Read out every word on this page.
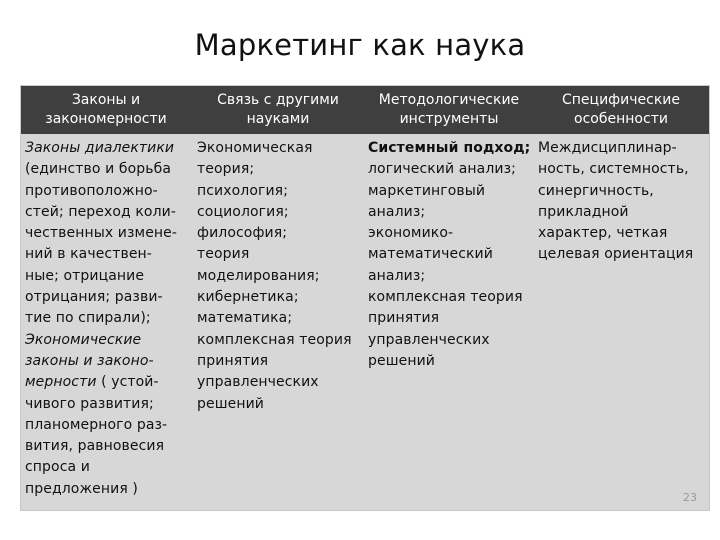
Маркетинг как наука
Законы и
закономерности
Связь с другими
науками
Методологические
инструменты
Специфические
особенности
Законы диалектики
(единство и борьба
противоположно-
стей; переход коли-
чественных измене-
ний в качествен-
ные; отрицание
отрицания; разви-
тие по спирали);
Экономические
законы и законо-
мерности ( устой-
чивого развития;
планомерного раз-
вития, равновесия
спроса и
предложения )
Экономическая
теория;
психология;
социология;
философия;
теория
моделирования;
кибернетика;
математика;
комплексная теория
принятия
управленческих
решений
Системный подход;
логический анализ;
маркетинговый
анализ;
экономико-
математический
анализ;
комплексная теория
принятия
управленческих
решений
Междисциплинар-
ность, системность,
синергичность,
прикладной
характер, четкая
целевая ориентация
23
